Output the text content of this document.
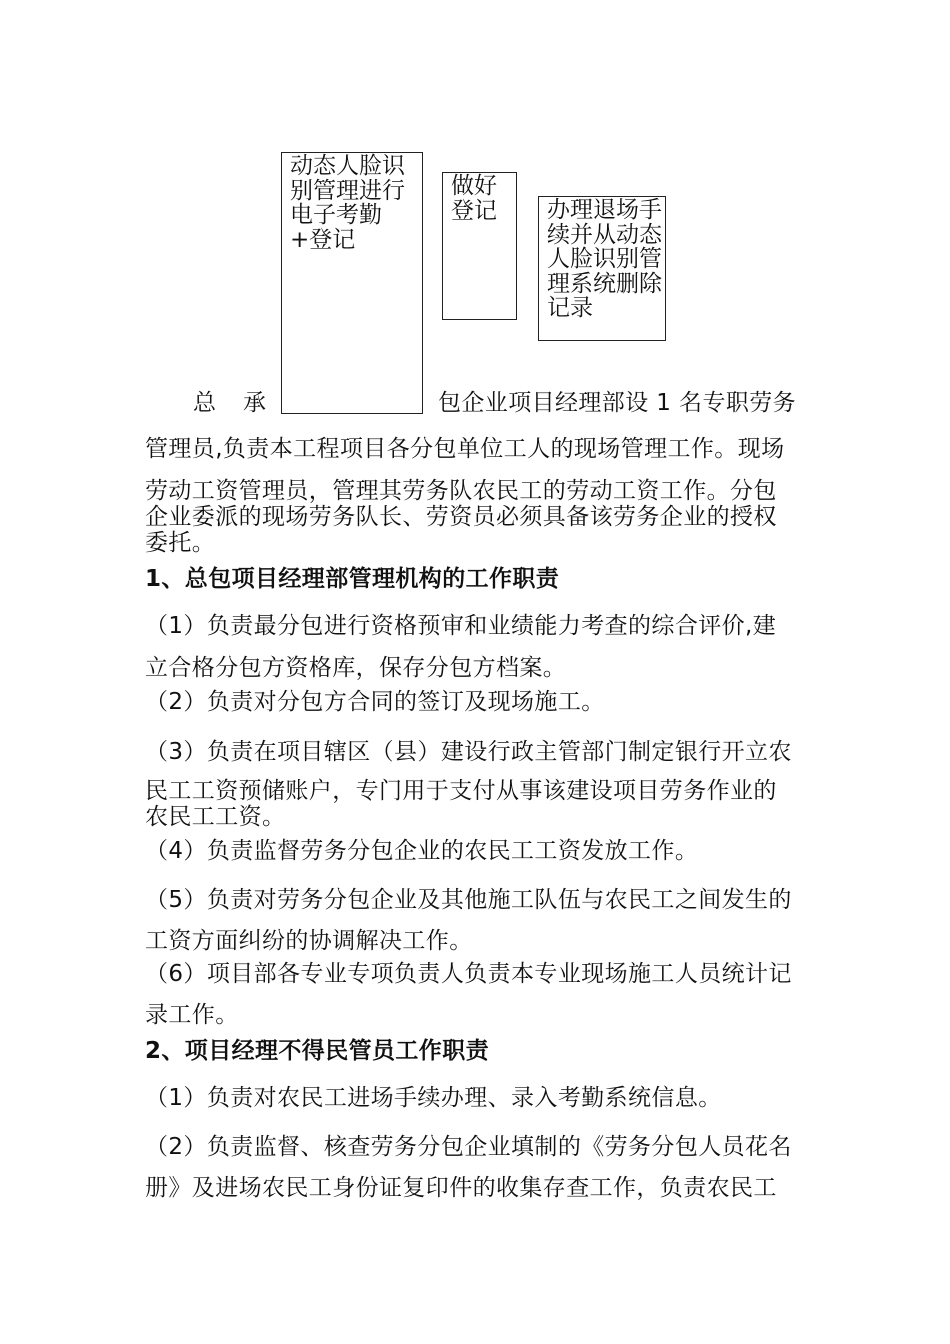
动态人脸识别管理进行电子考勤+登记
做好登记	办理退场手续并从动态人脸识别管理系统删除记录
总 承	包企业项目经理部设 1 名专职劳务
管理员,负责本工程项目各分包单位工人的现场管理工作。现场
劳动工资管理员，管理其劳务队农民工的劳动工资工作。分包
企业委派的现场劳务队长、劳资员必须具备该劳务企业的授权
委托。
1、总包项目经理部管理机构的工作职责
（1）负责最分包进行资格预审和业绩能力考查的综合评价,建
立合格分包方资格库，保存分包方档案。
（2）负责对分包方合同的签订及现场施工。
（3）负责在项目辖区（县）建设行政主管部门制定银行开立农
民工工资预储账户，专门用于支付从事该建设项目劳务作业的
农民工工资。
（4）负责监督劳务分包企业的农民工工资发放工作。
（5）负责对劳务分包企业及其他施工队伍与农民工之间发生的
工资方面纠纷的协调解决工作。
（6）项目部各专业专项负责人负责本专业现场施工人员统计记
录工作。
2、项目经理不得民管员工作职责
（1）负责对农民工进场手续办理、录入考勤系统信息。
（2）负责监督、核查劳务分包企业填制的《劳务分包人员花名
册》及进场农民工身份证复印件的收集存查工作，负责农民工
